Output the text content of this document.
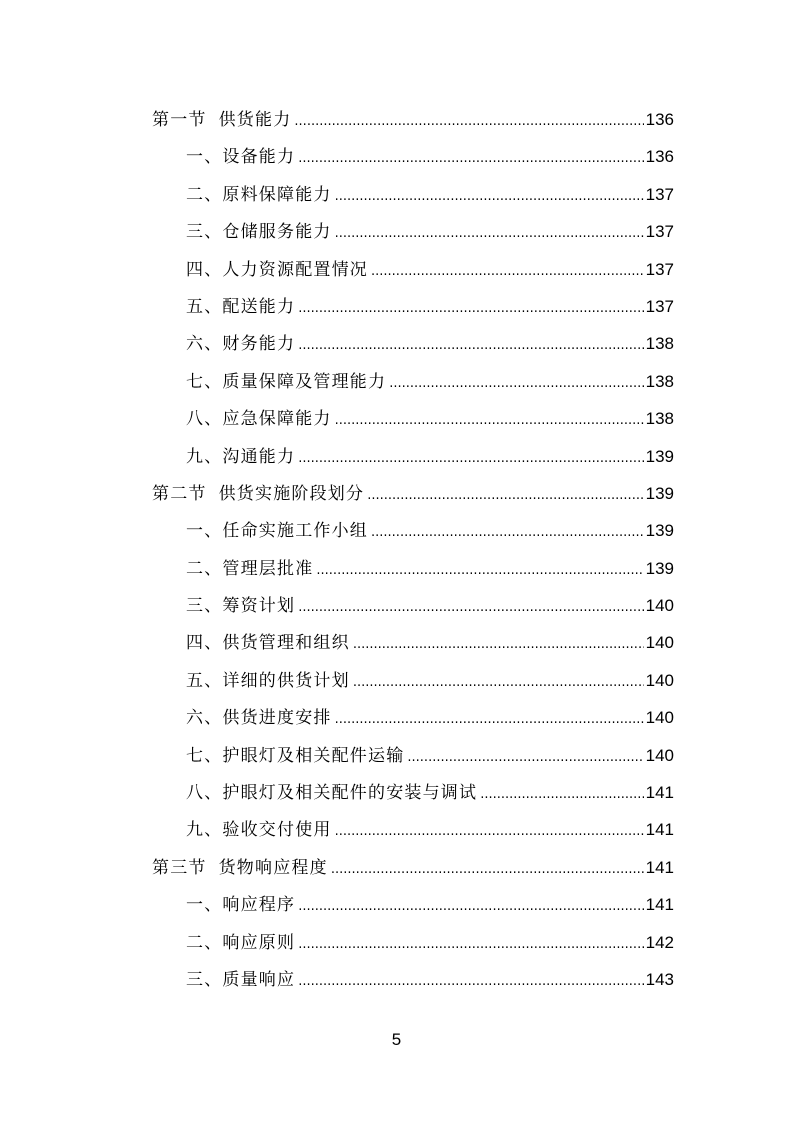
第一节 供货能力 .....	136
一、设备能力 .....	136
二、原料保障能力 .....	137
三、仓储服务能力 .....	137
四、人力资源配置情况 .....	137
五、配送能力 .....	137
六、财务能力 .....	138
七、质量保障及管理能力 .....	138
八、应急保障能力 .....	138
九、沟通能力 .....	139
第二节 供货实施阶段划分 .....	139
一、任命实施工作小组 .....	139
二、管理层批准 .....	139
三、筹资计划 .....	140
四、供货管理和组织 .....	140
五、详细的供货计划 .....	140
六、供货进度安排 .....	140
七、护眼灯及相关配件运输 .....	140
八、护眼灯及相关配件的安装与调试 .....	141
九、验收交付使用 .....	141
第三节 货物响应程度 .....	141
一、响应程序 .....	141
二、响应原则 .....	142
三、质量响应 .....	143
5
